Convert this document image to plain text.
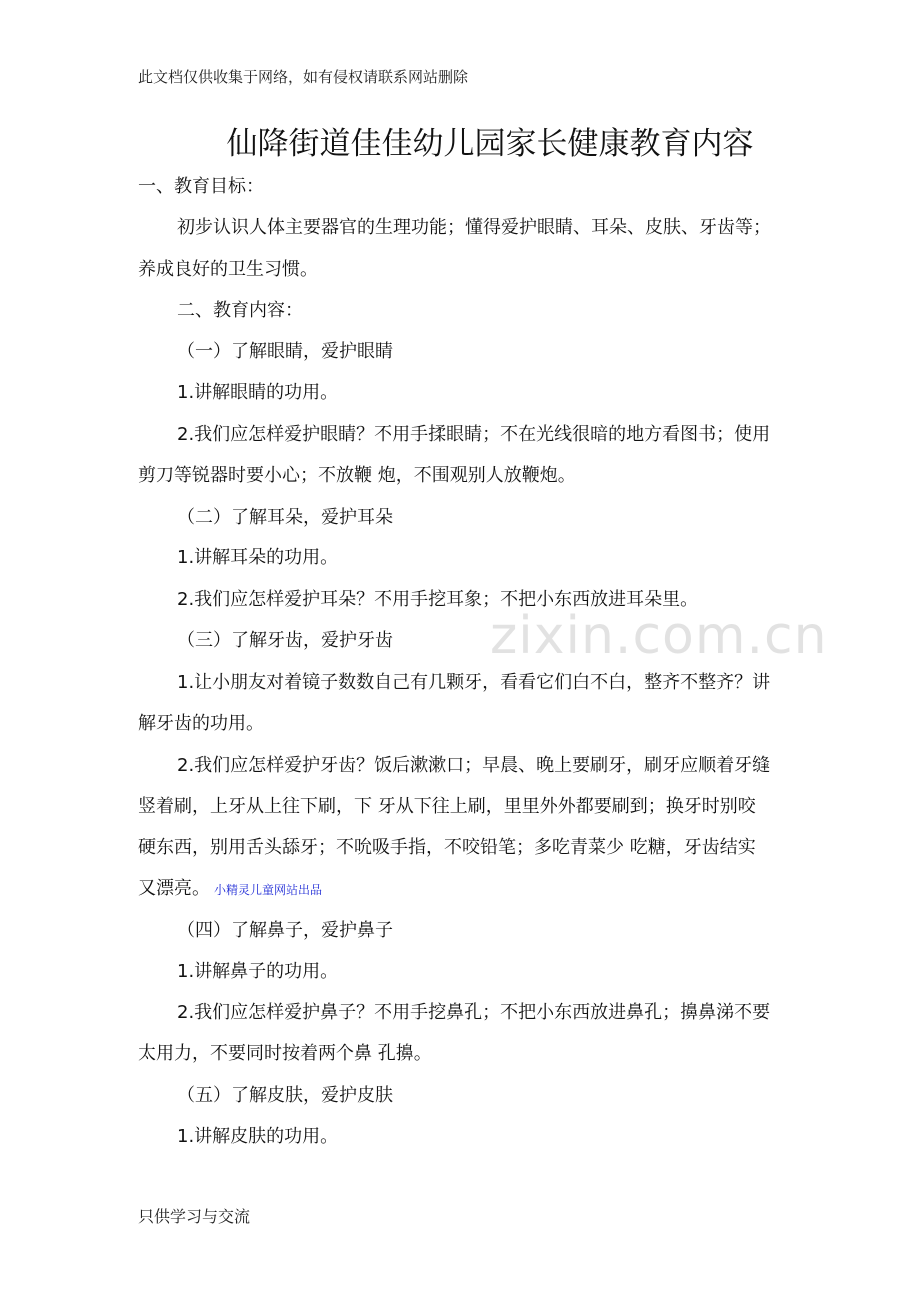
此文档仅供收集于网络，如有侵权请联系网站删除
仙降街道佳佳幼儿园家长健康教育内容
zixin.com.cn
一、教育目标：
初步认识人体主要器官的生理功能；懂得爱护眼睛、耳朵、皮肤、牙齿等；
养成良好的卫生习惯。
二、教育内容：
（一）了解眼睛，爱护眼睛
1.讲解眼睛的功用。
2.我们应怎样爱护眼睛？不用手揉眼睛；不在光线很暗的地方看图书；使用
剪刀等锐器时要小心；不放鞭 炮，不围观别人放鞭炮。
（二）了解耳朵，爱护耳朵
1.讲解耳朵的功用。
2.我们应怎样爱护耳朵？不用手挖耳象；不把小东西放进耳朵里。
（三）了解牙齿，爱护牙齿
1.让小朋友对着镜子数数自己有几颗牙，看看它们白不白，整齐不整齐？讲
解牙齿的功用。
2.我们应怎样爱护牙齿？饭后漱漱口；早晨、晚上要刷牙，刷牙应顺着牙缝
竖着刷，上牙从上往下刷，下 牙从下往上刷，里里外外都要刷到；换牙时别咬
硬东西，别用舌头舔牙；不吮吸手指，不咬铅笔；多吃青菜少 吃糖，牙齿结实
又漂亮。 小精灵儿童网站出品
（四）了解鼻子，爱护鼻子
1.讲解鼻子的功用。
2.我们应怎样爱护鼻子？不用手挖鼻孔；不把小东西放进鼻孔；擤鼻涕不要
太用力，不要同时按着两个鼻 孔擤。
（五）了解皮肤，爱护皮肤
1.讲解皮肤的功用。
只供学习与交流
